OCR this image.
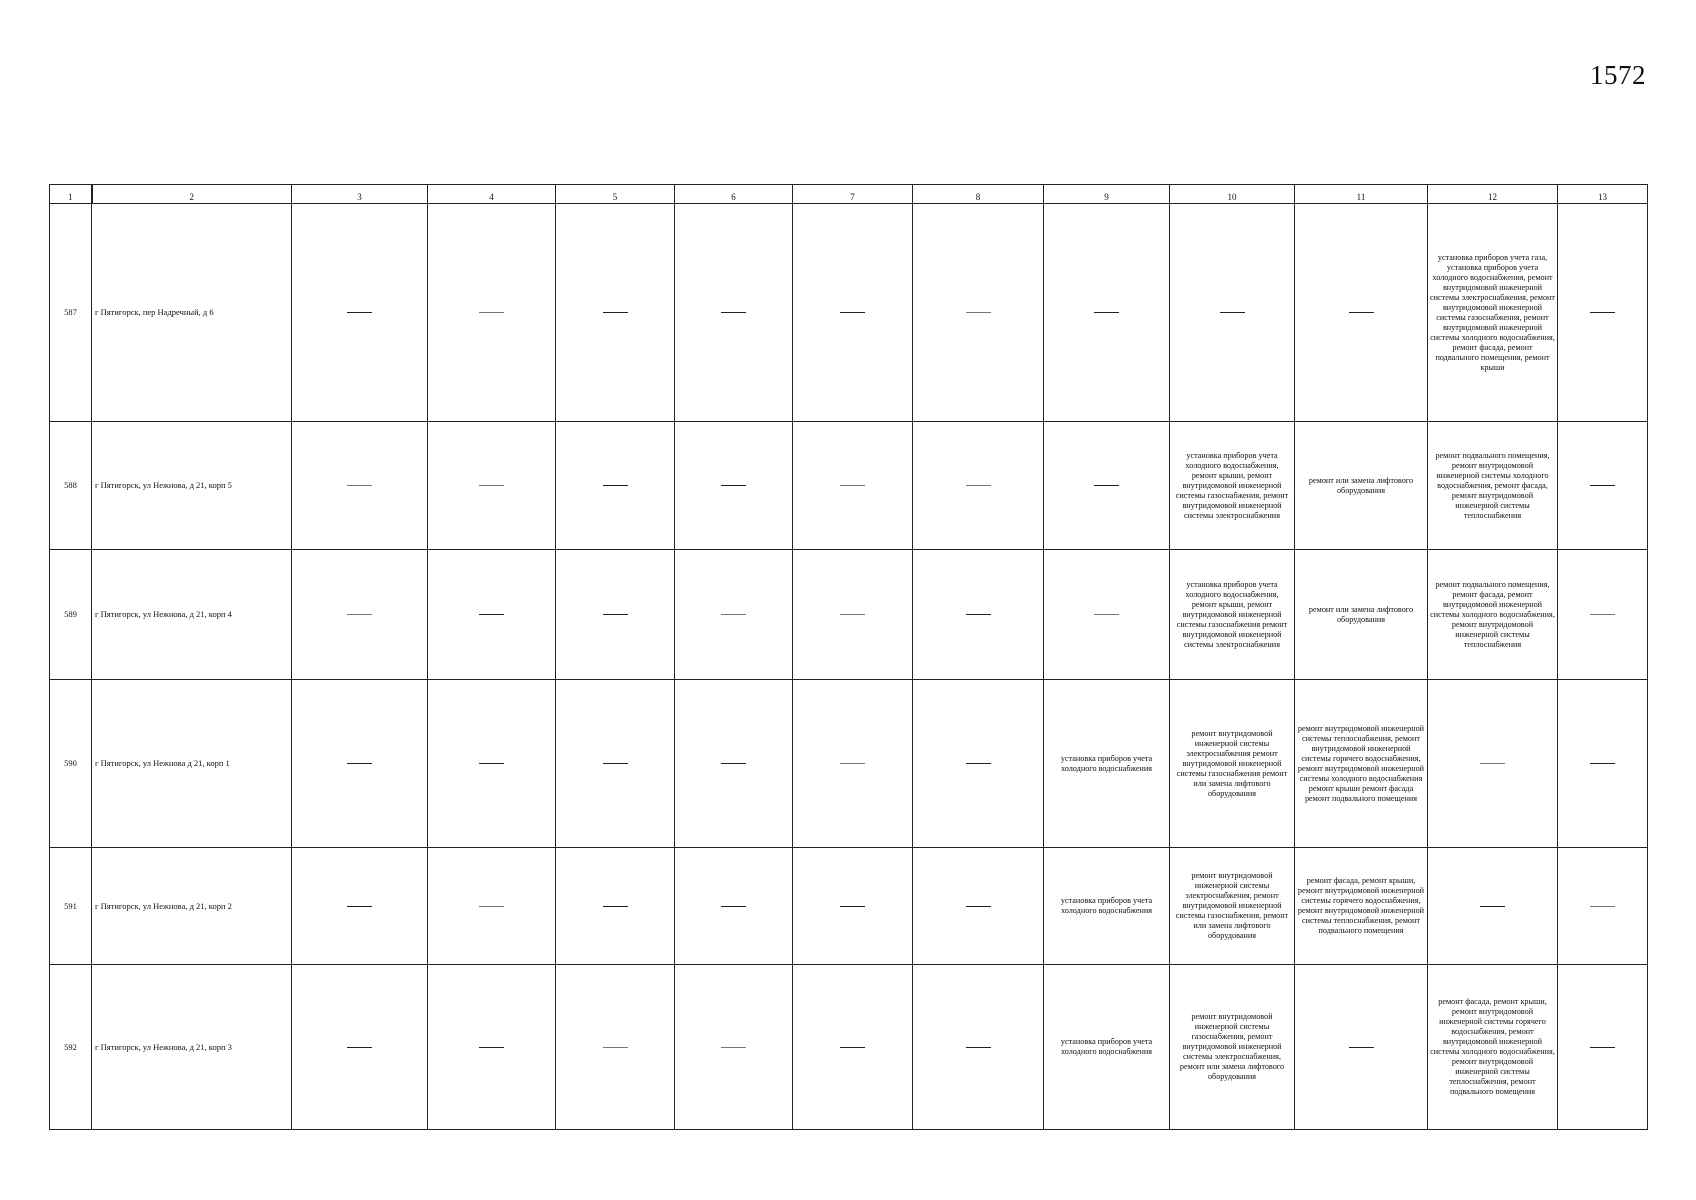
1572
1	2	3	4	5	6	7	8	9	10	11	12	13
587	г Пятигорск, пер Надречный, д 6										установка приборов учета газа, установка приборов учета холодного водоснабжения, ремонт внутридомовой инженерной системы электроснабжения, ремонт внутридомовой инженерной системы газоснабжения, ремонт внутридомовой инженерной системы холодного водоснабжения, ремонт фасада, ремонт подвального помещения, ремонт крыши	
588	г Пятигорск, ул Нежнова, д 21, корп 5								установка приборов учета холодного водоснабжения, ремонт крыши, ремонт внутридомовой инженерной системы газоснабжения, ремонт внутридомовой инженерной системы электроснабжения	ремонт или замена лифтового оборудования	ремонт подвального помещения, ремонт внутридомовой инженерной системы холодного водоснабжения, ремонт фасада, ремонт внутридомовой инженерной системы теплоснабжения	
589	г Пятигорск, ул Нежнова, д 21, корп 4								установка приборов учета холодного водоснабжения, ремонт крыши, ремонт внутридомовой инженерной системы газоснабжения ремонт внутридомовой инженерной системы электроснабжения	ремонт или замена лифтового оборудования	ремонт подвального помещения, ремонт фасада, ремонт внутридомовой инженерной системы холодного водоснабжения, ремонт внутридомовой инженерной системы теплоснабжения	
590	г Пятигорск, ул Нежнова д 21, корп 1							установка приборов учета холодного водоснабжения	ремонт внутридомовой инженерной системы электроснабжения ремонт внутридомовой инженерной системы газоснабжения ремонт или замена лифтового оборудования	ремонт внутридомовой инженерной системы теплоснабжения, ремонт внутридомовой инженерной системы горячего водоснабжения, ремонт внутридомовой инженерной системы холодного водоснабжения ремонт крыши ремонт фасада ремонт подвального помещения		
591	г Пятигорск, ул Нежнова, д 21, корп 2							установка приборов учета холодного водоснабжения	ремонт внутридомовой инженерной системы электроснабжения, ремонт внутридомовой инженерной системы газоснабжения, ремонт или замена лифтового оборудования	ремонт фасада, ремонт крыши, ремонт внутридомовой инженерной системы горячего водоснабжения, ремонт внутридомовой инженерной системы теплоснабжения, ремонт подвального помещения		
592	г Пятигорск, ул Нежнова, д 21, корп 3							установка приборов учета холодного водоснабжения	ремонт внутридомовой инженерной системы газоснабжения, ремонт внутридомовой инженерной системы электроснабжения, ремонт или замена лифтового оборудования		ремонт фасада, ремонт крыши, ремонт внутридомовой инженерной системы горячего водоснабжения, ремонт внутридомовой инженерной системы холодного водоснабжения, ремонт внутридомовой инженерной системы теплоснабжения, ремонт подвального помещения	
